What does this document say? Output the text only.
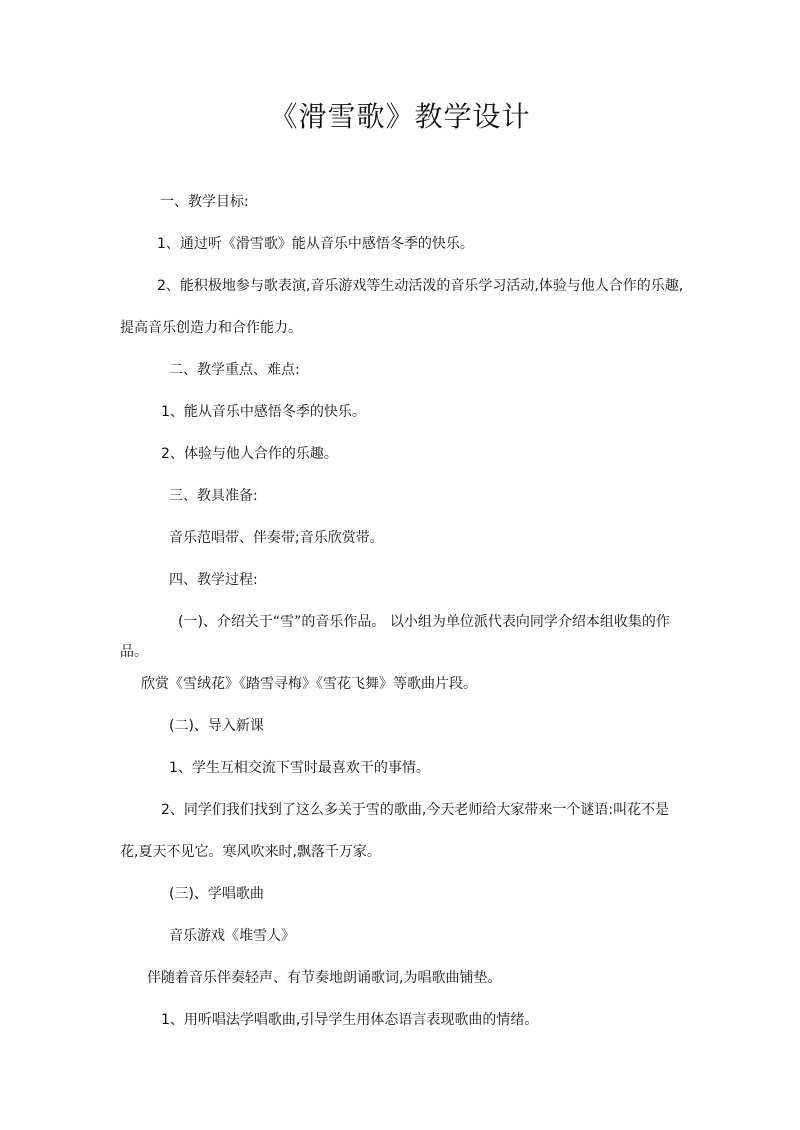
《滑雪歌》教学设计

一、教学目标:

1、通过听《滑雪歌》能从音乐中感悟冬季的快乐。

2、能积极地参与歌表演,音乐游戏等生动活泼的音乐学习活动,体验与他人合作的乐趣,

提高音乐创造力和合作能力。

二、教学重点、难点:

1、能从音乐中感悟冬季的快乐。

2、体验与他人合作的乐趣。

三、教具准备:

音乐范唱带、伴奏带;音乐欣赏带。

四、教学过程:

(一)、介绍关于“雪”的音乐作品。 以小组为单位派代表向同学介绍本组收集的作

品。

欣赏《雪绒花》《踏雪寻梅》《雪花飞舞》等歌曲片段。

(二)、导入新课

1、学生互相交流下雪时最喜欢干的事情。

2、同学们我们找到了这么多关于雪的歌曲,今天老师给大家带来一个谜语:叫花不是

花,夏天不见它。寒风吹来时,飘落千万家。

(三)、学唱歌曲

音乐游戏《堆雪人》

伴随着音乐伴奏轻声、有节奏地朗诵歌词,为唱歌曲铺垫。

1、用听唱法学唱歌曲,引导学生用体态语言表现歌曲的情绪。
